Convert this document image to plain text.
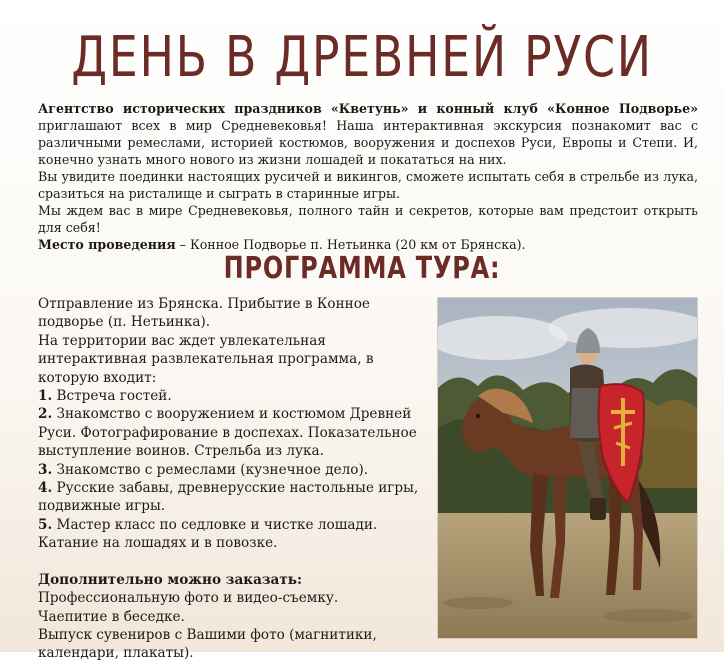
ДЕНЬ В ДРЕВНЕЙ РУСИ

Агентство исторических праздников «Кветунь» и конный клуб «Конное Подворье» приглашают всех в мир Средневековья! Наша интерактивная экскурсия познакомит вас с различными ремеслами, историей костюмов, вооружения и доспехов Руси, Европы и Степи. И, конечно узнать много нового из жизни лошадей и покататься на них.

Вы увидите поединки настоящих русичей и викингов, сможете испытать себя в стрельбе из лука, сразиться на ристалище и сыграть в старинные игры.

Мы ждем вас в мире Средневековья, полного тайн и секретов, которые вам предстоит открыть для себя!

Место проведения – Конное Подворье п. Нетьинка (20 км от Брянска).

ПРОГРАММА ТУРА:

Отправление из Брянска. Прибытие в Конное подворье (п. Нетьинка).

На территории вас ждет увлекательная интерактивная развлекательная программа, в которую входит:

1. Встреча гостей.

2. Знакомство с вооружением и костюмом Древней Руси. Фотографирование в доспехах. Показательное выступление воинов. Стрельба из лука.

3. Знакомство с ремеслами (кузнечное дело).

4. Русские забавы, древнерусские настольные игры, подвижные игры.

5. Мастер класс по седловке и чистке лошади. Катание на лошадях и в повозке.

Дополнительно можно заказать:

Профессиональную фото и видео-съемку.

Чаепитие в беседке.

Выпуск сувениров с Вашими фото (магнитики, календари, плакаты).
